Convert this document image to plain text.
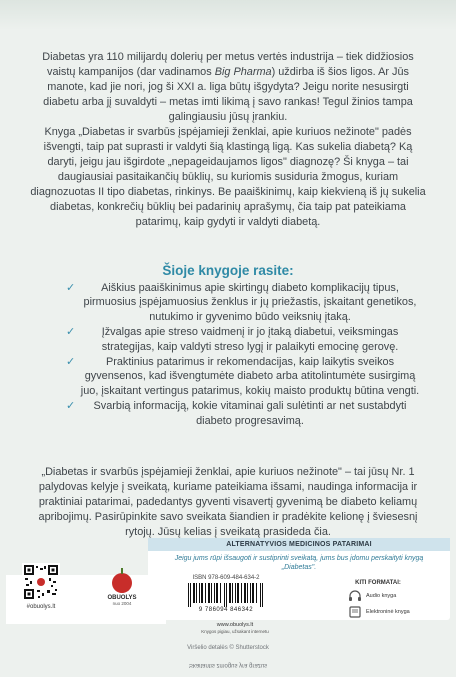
Diabetas yra 110 milijardų dolerių per metus vertės industrija – tiek didžiosios vaistų kampanijos (dar vadinamos Big Pharma) uždirba iš šios ligos. Ar Jūs manote, kad jie nori, jog ši XXI a. liga būtų išgydyta? Jeigu norite nesusirgti diabetu arba jį suvaldyti – metas imti likimą į savo rankas! Tegul žinios tampa galingiausiu jūsų įrankiu.

Knyga „Diabetas ir svarbūs įspėjamieji ženklai, apie kuriuos nežinote" padės išvengti, taip pat suprasti ir valdyti šią klastingą ligą. Kas sukelia diabetą? Ką daryti, jeigu jau išgirdote „nepageidaujamos ligos" diagnozę? Ši knyga – tai daugiausiai pasitaikančių būklių, su kuriomis susiduria žmogus, kuriam diagnozuotas II tipo diabetas, rinkinys. Be paaiškinimų, kaip kiekvieną iš jų sukelia diabetas, konkrečių būklių bei padarinių aprašymų, čia taip pat pateikiama patarimų, kaip gydyti ir valdyti diabetą.

Šioje knygoje rasite:
✓ Aiškius paaiškinimus apie skirtingų diabeto komplikacijų tipus, pirmuosius įspėjamuosius ženklus ir jų priežastis, įskaitant genetikos, nutukimo ir gyvenimo būdo veiksnių įtaką.
✓ Įžvalgas apie streso vaidmenį ir jo įtaką diabetui, veiksmingas strategijas, kaip valdyti streso lygį ir palaikyti emocinę gerovę.
✓	Praktinius patarimus ir rekomendacijas, kaip laikytis sveikos gyvensenos, kad išvengtumėte diabeto arba atitolintumėte susirgimą juo, įskaitant vertingus patarimus, kokių maisto produktų būtina vengti.
✓ Svarbią informaciją, kokie vitaminai gali sulėtinti ar net sustabdyti diabeto progresavimą.

„Diabetas ir svarbūs įspėjamieji ženklai, apie kuriuos nežinote" – tai jūsų Nr. 1 palydovas kelyje į sveikatą, kuriame pateikiama išsami, naudinga informacija ir praktiniai patarimai, padedantys gyventi visavertį gyvenimą be diabeto keliamų apribojimų. Pasirūpinkite savo sveikata šiandien ir pradėkite kelionę į šviesesnį rytojų. Jūsų kelias į sveikatą prasideda čia.

ALTERNATYVIOS MEDICINOS PATARIMAI
Jeigu jums rūpi išsaugoti ir sustiprinti sveikatą, jums bus įdomu perskaityti knygą „Diabetas".
#obuolys.lt
OBUOLYS
nuo 2004
ISBN 978-609-484-634-2
9 786094 846342
www.obuolys.lt
Knygos pigiau, užsakant internetu
KITI FORMATAI:
Audio knyga
Elektroninė knyga
Viršelio detalės © Shutterstock
Skaitantis žmogus yra gražus
